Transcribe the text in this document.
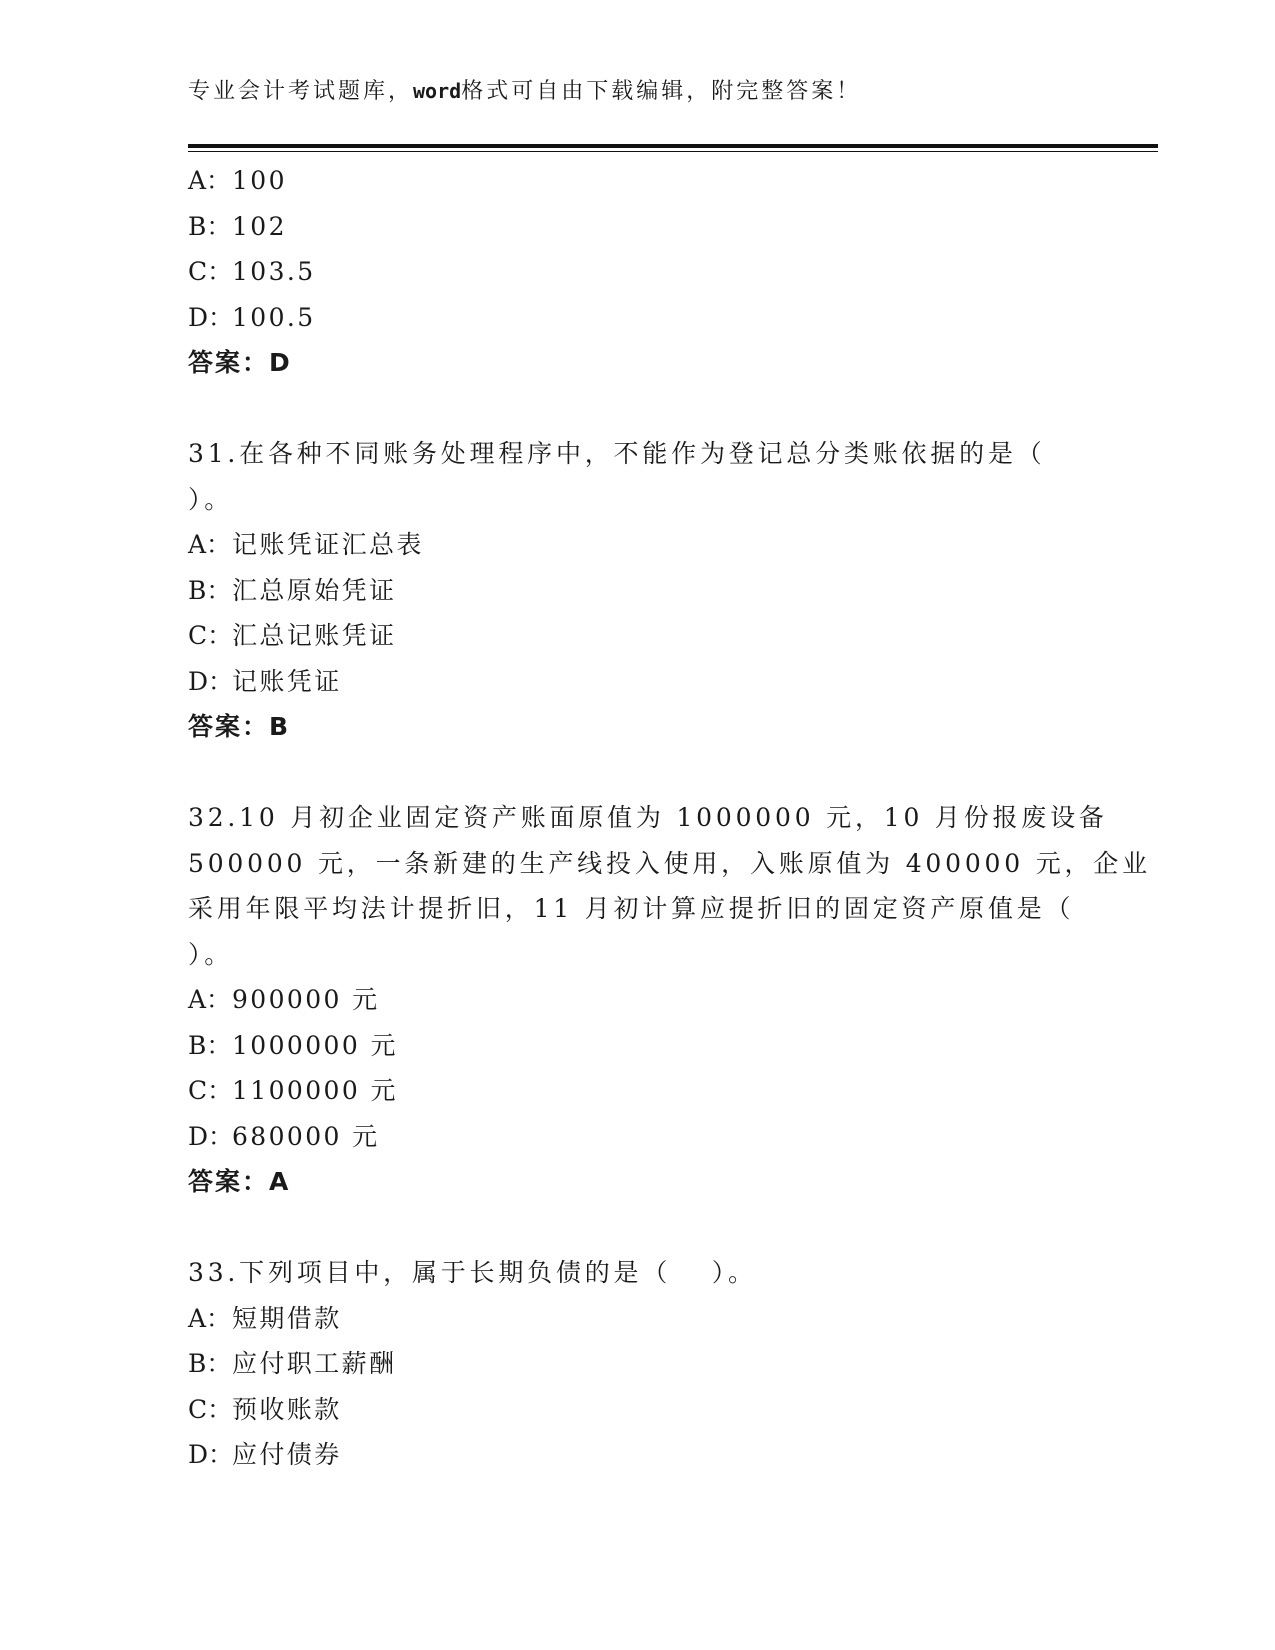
专业会计考试题库，word格式可自由下载编辑，附完整答案！
A：100
B：102
C：103.5
D：100.5
答案：D
31.在各种不同账务处理程序中，不能作为登记总分类账依据的是（
）。
A：记账凭证汇总表
B：汇总原始凭证
C：汇总记账凭证
D：记账凭证
答案：B
32.10 月初企业固定资产账面原值为 1000000 元，10 月份报废设备
500000 元，一条新建的生产线投入使用，入账原值为 400000 元，企业
采用年限平均法计提折旧，11 月初计算应提折旧的固定资产原值是（
）。
A：900000 元
B：1000000 元
C：1100000 元
D：680000 元
答案：A
33.下列项目中，属于长期负债的是（　 ）。
A：短期借款
B：应付职工薪酬
C：预收账款
D：应付债券
